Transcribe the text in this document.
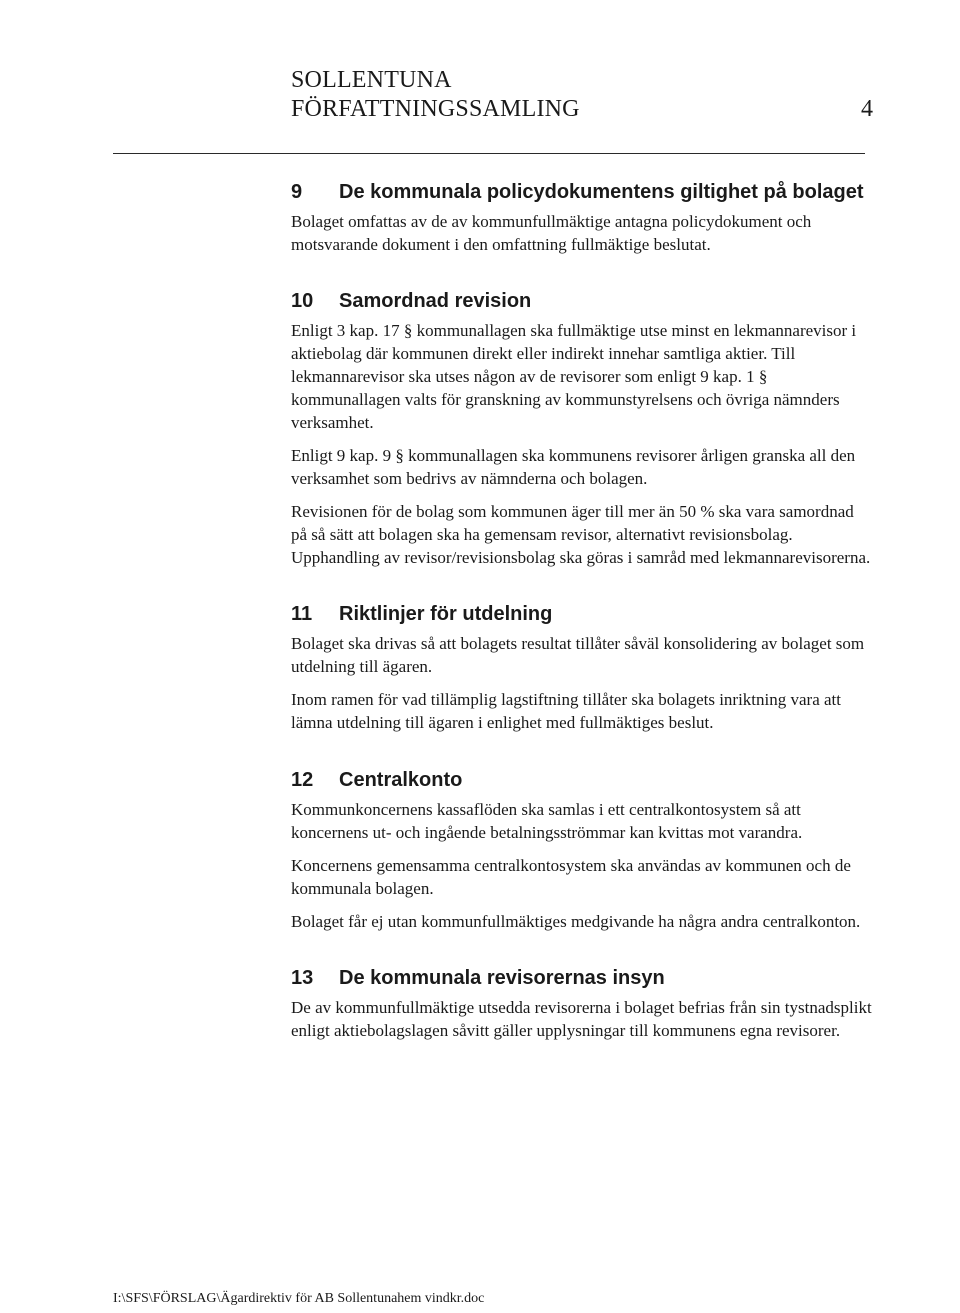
SOLLENTUNA
FÖRFATTNINGSSAMLING	4
9	De kommunala policydokumentens giltighet på bolaget

Bolaget omfattas av de av kommunfullmäktige antagna policydokument och motsvarande dokument i den omfattning fullmäktige beslutat.

10	Samordnad revision

Enligt 3 kap. 17 § kommunallagen ska fullmäktige utse minst en lekmannarevisor i aktiebolag där kommunen direkt eller indirekt innehar samtliga aktier. Till lekmannarevisor ska utses någon av de revisorer som enligt 9 kap. 1 § kommunallagen valts för granskning av kommunstyrelsens och övriga nämnders verksamhet.

Enligt 9 kap. 9 § kommunallagen ska kommunens revisorer årligen granska all den verksamhet som bedrivs av nämnderna och bolagen.

Revisionen för de bolag som kommunen äger till mer än 50 % ska vara samordnad på så sätt att bolagen ska ha gemensam revisor, alternativt revisionsbolag. Upphandling av revisor/revisionsbolag ska göras i samråd med lekmannarevisorerna.

11	Riktlinjer för utdelning

Bolaget ska drivas så att bolagets resultat tillåter såväl konsolidering av bolaget som utdelning till ägaren.

Inom ramen för vad tillämplig lagstiftning tillåter ska bolagets inriktning vara att lämna utdelning till ägaren i enlighet med fullmäktiges beslut.

12	Centralkonto

Kommunkoncernens kassaflöden ska samlas i ett centralkontosystem så att koncernens ut- och ingående betalningsströmmar kan kvittas mot varandra.

Koncernens gemensamma centralkontosystem ska användas av kommunen och de kommunala bolagen.

Bolaget får ej utan kommunfullmäktiges medgivande ha några andra centralkonton.

13	De kommunala revisorernas insyn

De av kommunfullmäktige utsedda revisorerna i bolaget befrias från sin tystnadsplikt enligt aktiebolagslagen såvitt gäller upplysningar till kommunens egna revisorer.

I:\SFS\FÖRSLAG\Ägardirektiv för AB Sollentunahem vindkr.doc
